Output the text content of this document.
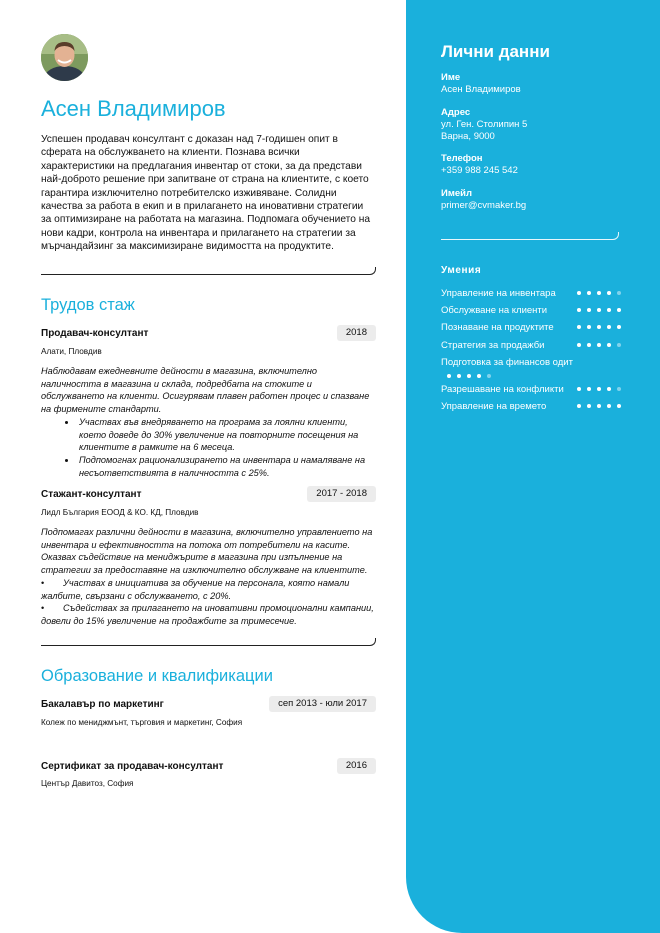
Асен Владимиров

Успешен продавач консултант с доказан над 7-годишен опит в сферата на обслужването на клиенти. Познава всички характеристики на предлагания инвентар от стоки, за да представи най-доброто решение при запитване от страна на клиентите, с което гарантира изключително потребителско изживяване. Солидни качества за работа в екип и в прилагането на иновативни стратегии за оптимизиране на работата на магазина. Подпомага обучението на нови кадри, контрола на инвентара и прилагането на стратегии за мърчандайзинг за максимизиране видимостта на продуктите.

Трудов стаж
Продавач-консултант	2018
Алати, Пловдив
Наблюдавам ежедневните дейности в магазина, включително наличността в магазина и склада, подредбата на стоките и обслужването на клиенти. Осигурявам плавен работен процес и спазване на фирмените стандарти.
• Участвах във внедряването на програма за лоялни клиенти, което доведе до 30% увеличение на повторните посещения на клиентите в рамките на 6 месеца.
• Подпомогнах рационализирането на инвентара и намаляване на несъответствията в наличността с 25%.
Стажант-консултант	2017 - 2018
Лидл България ЕООД & КО. КД, Пловдив
Подпомагах различни дейности в магазина, включително управлението на инвентара и ефективността на потока от потребители на касите. Оказвах съдействие на мениджърите в магазина при изпълнение на стратегии за предоставяне на изключително обслужване на клиентите.
• Участвах в инициатива за обучение на персонала, която намали жалбите, свързани с обслужването, с 20%.
• Съдействах за прилагането на иновативни промоционални кампании, довели до 15% увеличение на продажбите за тримесечие.
Образование и квалификации
Бакалавър по маркетинг	сеп 2013 - юли 2017
Колеж по мениджмънт, търговия и маркетинг, София
Сертификат за продавач-консултант	2016
Център Давитоз, София
Лични данни
Име
Асен Владимиров
Адрес
ул. Ген. Столипин 5
Варна, 9000
Телефон
+359 988 245 542
Имейл
primer@cvmaker.bg
Умения
Управление на инвентара
Обслужване на клиенти
Познаване на продуктите
Стратегия за продажби
Подготовка за финансов одит
Разрешаване на конфликти
Управление на времето
